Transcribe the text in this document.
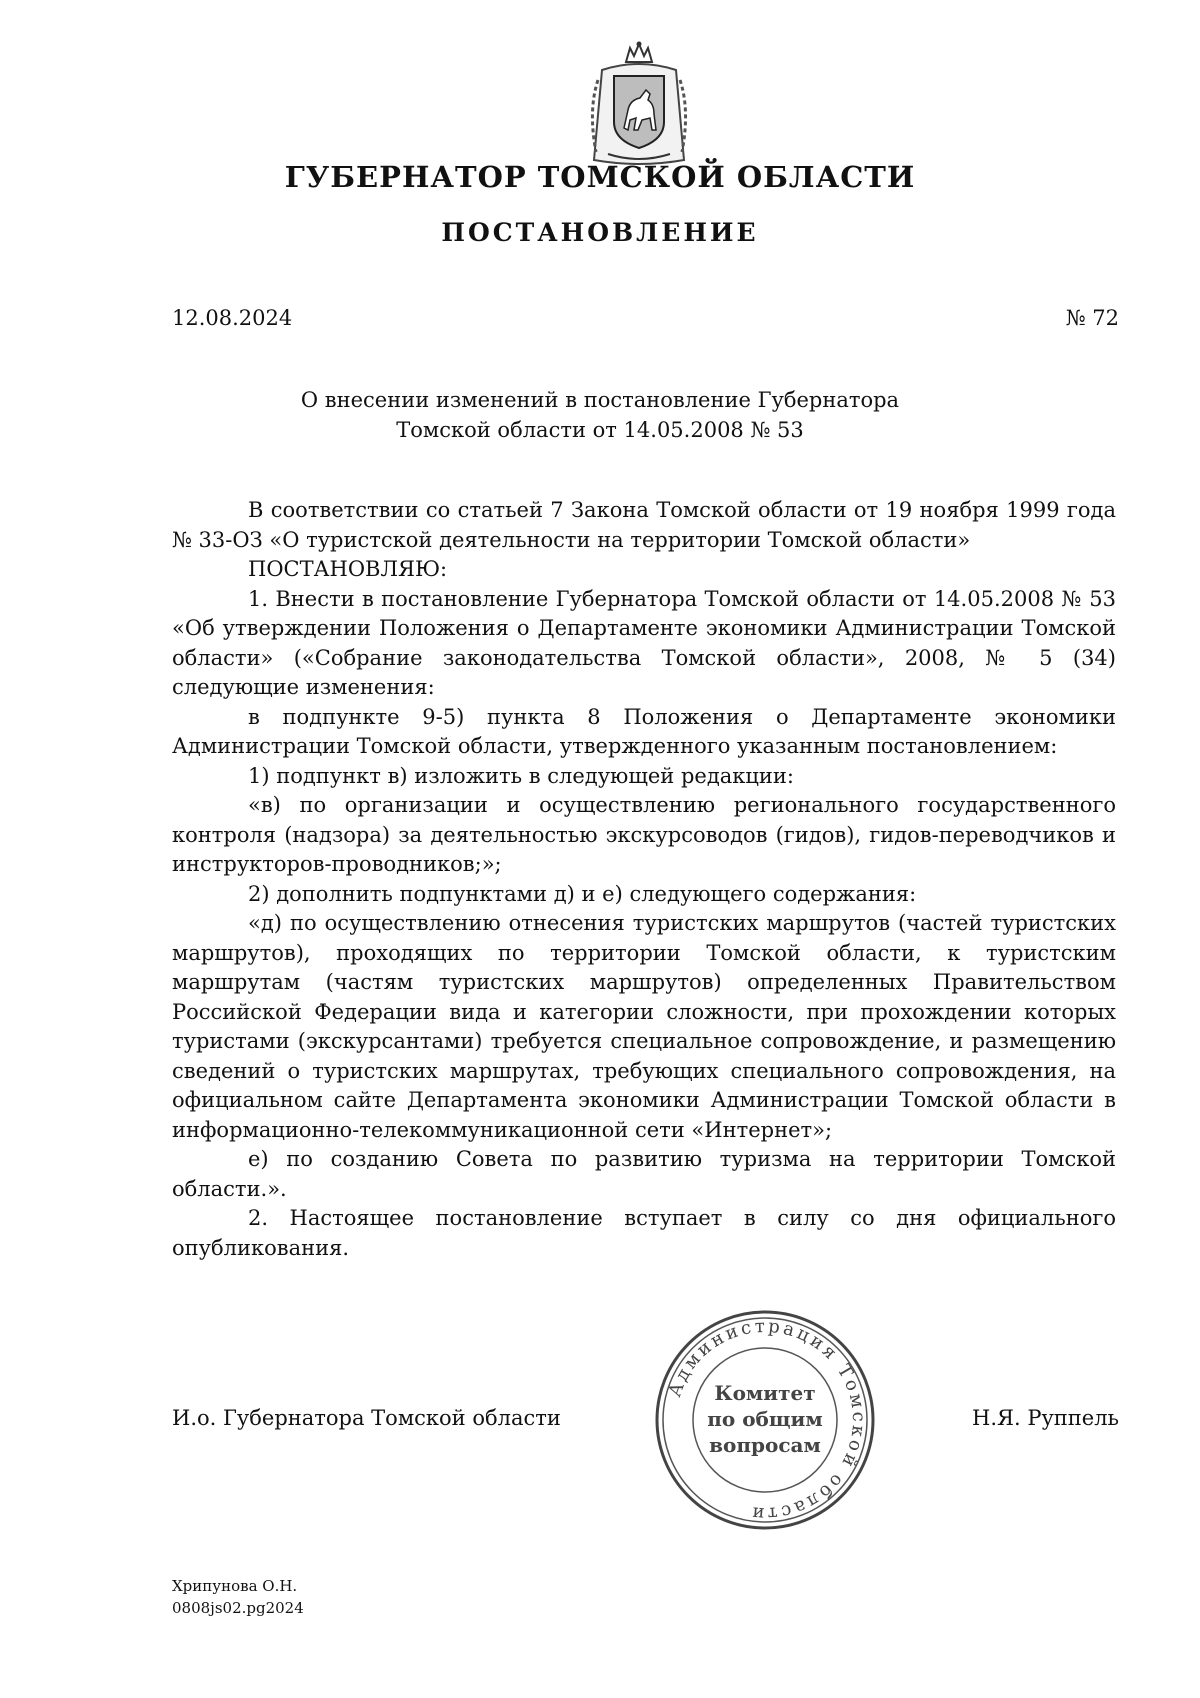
ГУБЕРНАТОР ТОМСКОЙ ОБЛАСТИ
ПОСТАНОВЛЕНИЕ
12.08.2024	№ 72
О внесении изменений в постановление Губернатора
Томской области от 14.05.2008 № 53

В соответствии со статьей 7 Закона Томской области от 19 ноября 1999 года № 33-ОЗ «О туристской деятельности на территории Томской области»

ПОСТАНОВЛЯЮ:

1. Внести в постановление Губернатора Томской области от 14.05.2008 № 53 «Об утверждении Положения о Департаменте экономики Администрации Томской области» («Собрание законодательства Томской области», 2008, № 5 (34) следующие изменения:

в подпункте 9-5) пункта 8 Положения о Департаменте экономики Администрации Томской области, утвержденного указанным постановлением:

1) подпункт в) изложить в следующей редакции:

«в) по организации и осуществлению регионального государственного контроля (надзора) за деятельностью экскурсоводов (гидов), гидов-переводчиков и инструкторов-проводников;»;

2) дополнить подпунктами д) и е) следующего содержания:

«д) по осуществлению отнесения туристских маршрутов (частей туристских маршрутов), проходящих по территории Томской области, к туристским маршрутам (частям туристских маршрутов) определенных Правительством Российской Федерации вида и категории сложности, при прохождении которых туристами (экскурсантами) требуется специальное сопровождение, и размещению сведений о туристских маршрутах, требующих специального сопровождения, на официальном сайте Департамента экономики Администрации Томской области в информационно-телекоммуникационной сети «Интернет»;

е) по созданию Совета по развитию туризма на территории Томской области.».

2. Настоящее постановление вступает в силу со дня официального опубликования.

И.о. Губернатора Томской области
Администрация Томской области
Комитет
по общим
вопросам
Н.Я. Руппель
Хрипунова О.Н.
0808js02.pg2024
